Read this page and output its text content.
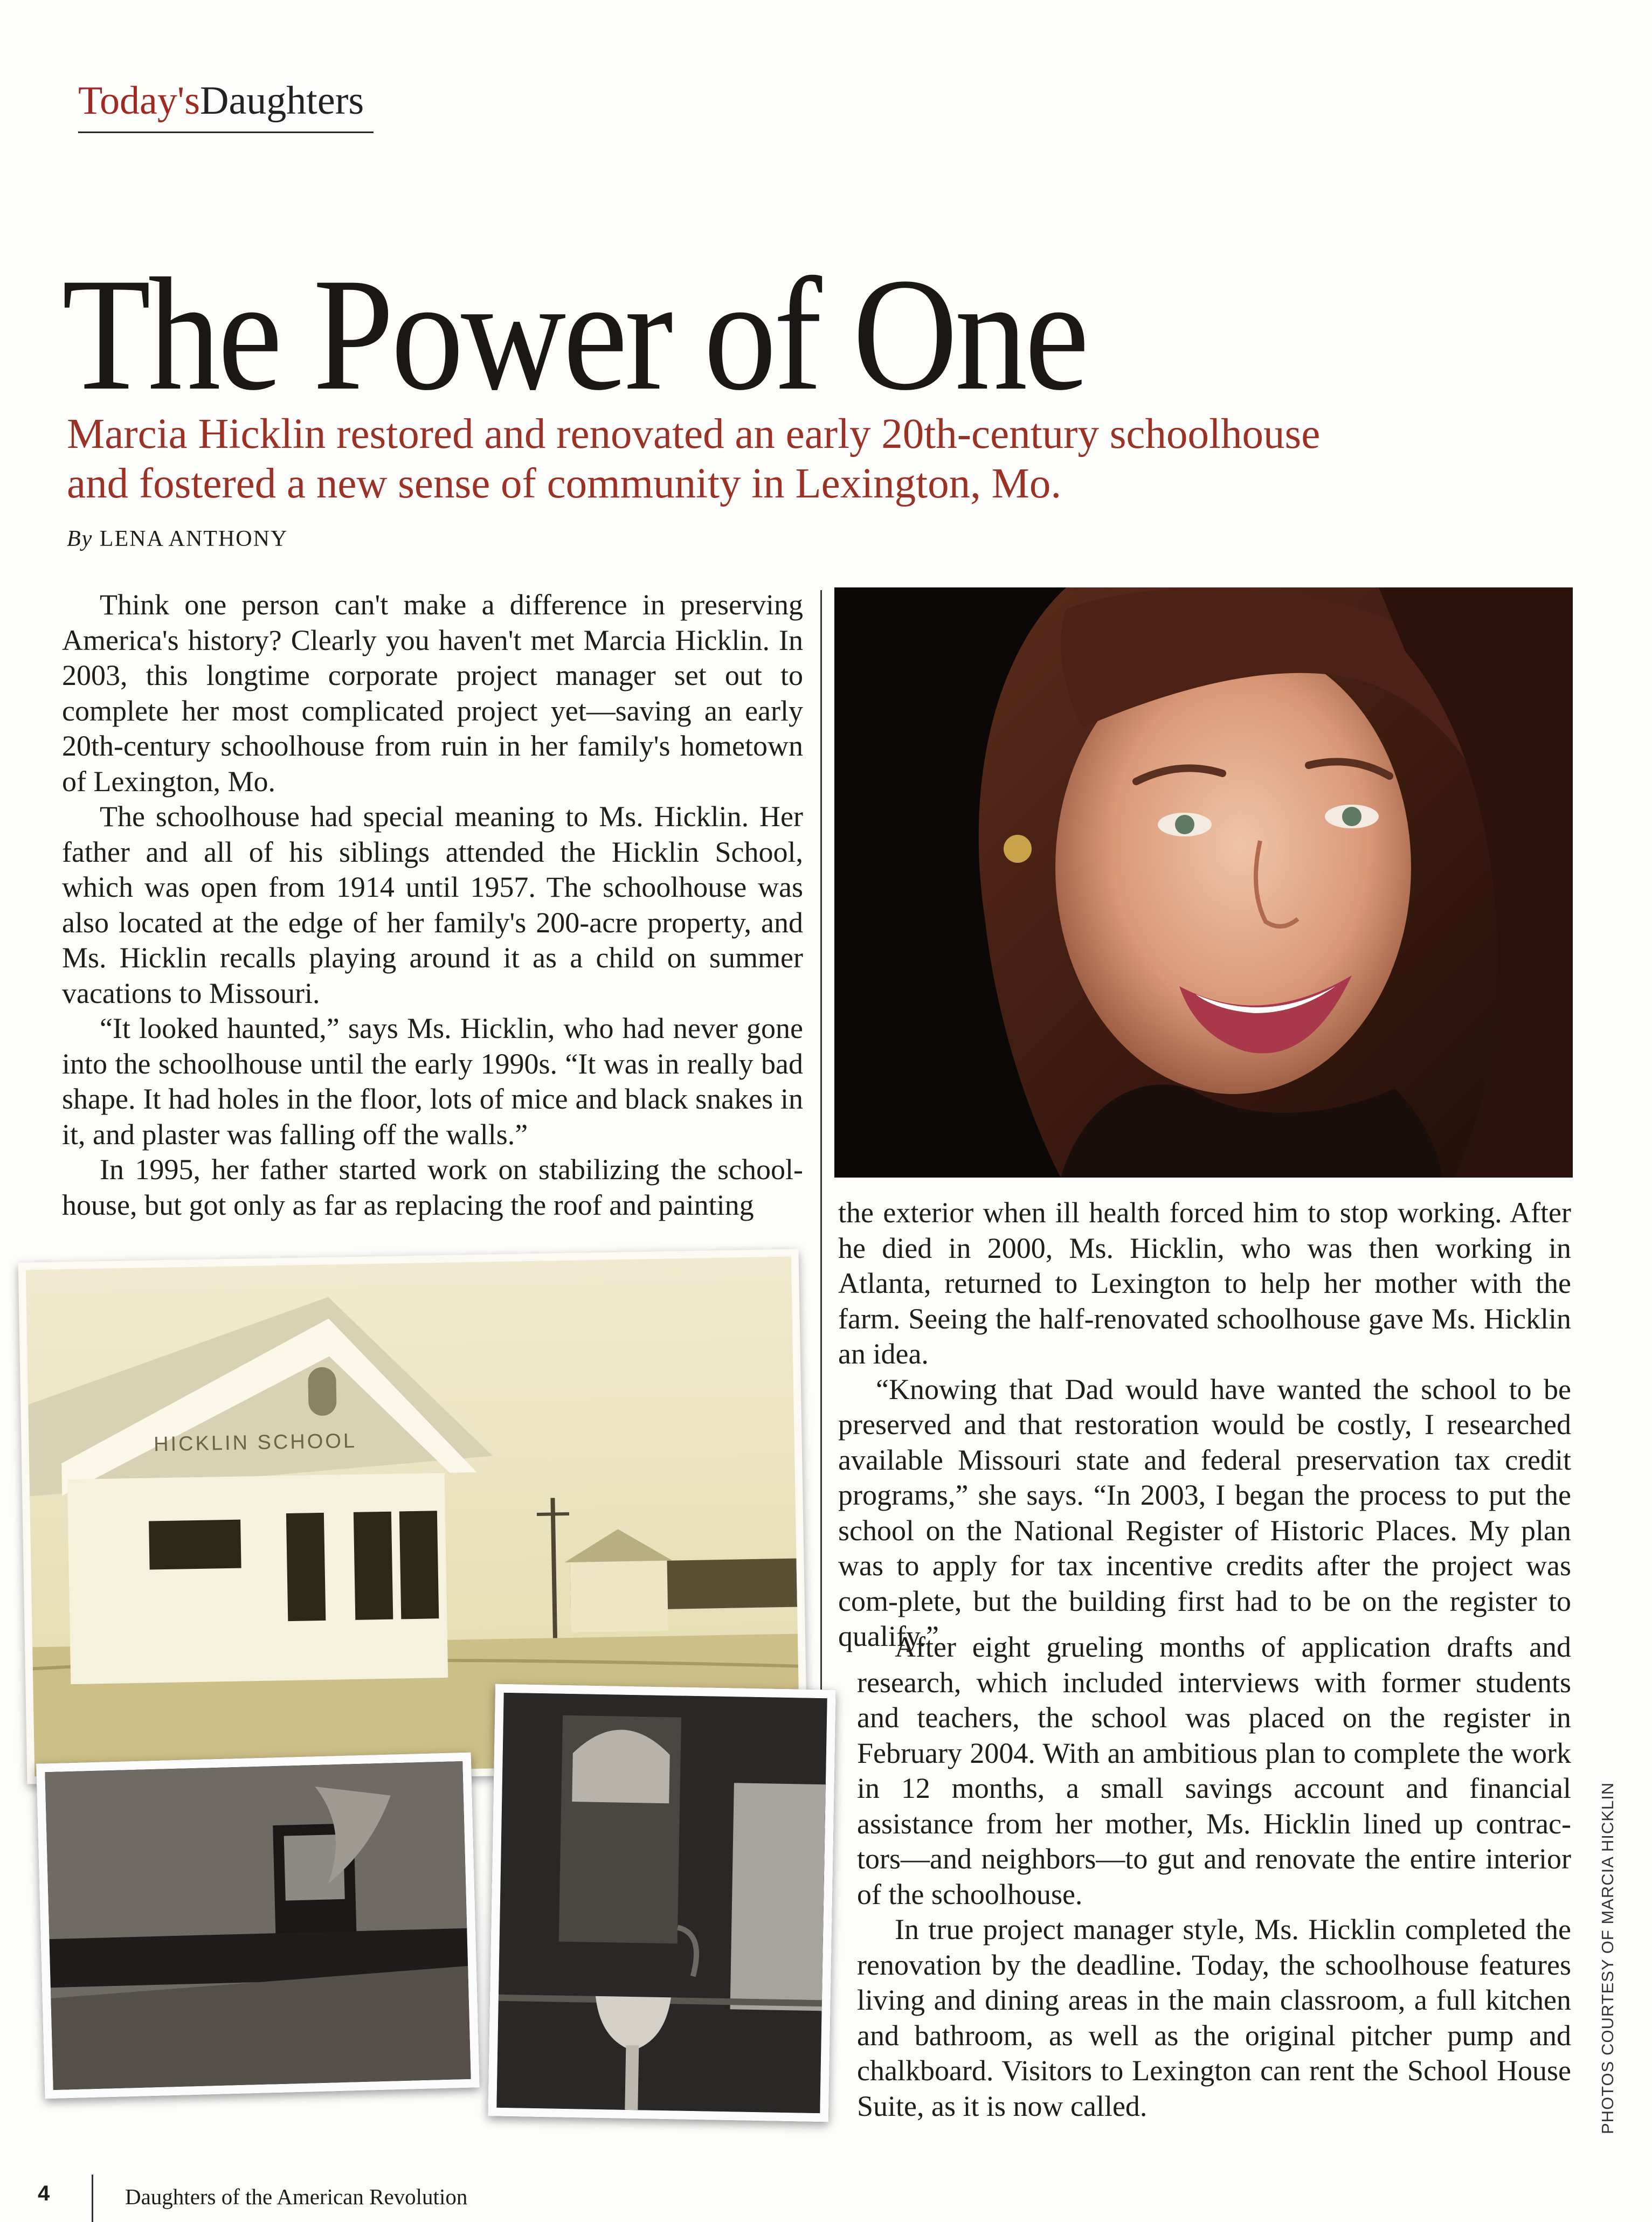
Today'sDaughters
The Power of One
Marcia Hicklin restored and renovated an early 20th-century schoolhouse and fostered a new sense of community in Lexington, Mo.
By LENA ANTHONY

Think one person can't make a difference in preserving America's history? Clearly you haven't met Marcia Hicklin. In 2003, this longtime corporate project manager set out to complete her most complicated project yet—saving an early 20th-century schoolhouse from ruin in her family's hometown of Lexington, Mo.

The schoolhouse had special meaning to Ms. Hicklin. Her father and all of his siblings attended the Hicklin School, which was open from 1914 until 1957. The schoolhouse was also located at the edge of her family's 200-acre property, and Ms. Hicklin recalls playing around it as a child on summer vacations to Missouri.

“It looked haunted,” says Ms. Hicklin, who had never gone into the schoolhouse until the early 1990s. “It was in really bad shape. It had holes in the floor, lots of mice and black snakes in it, and plaster was falling off the walls.”

In 1995, her father started work on stabilizing the school-house, but got only as far as replacing the roof and painting	the exterior when ill health forced him to stop working. After he died in 2000, Ms. Hicklin, who was then working in Atlanta, returned to Lexington to help her mother with the farm. Seeing the half-renovated schoolhouse gave Ms. Hicklin an idea.

“Knowing that Dad would have wanted the school to be preserved and that restoration would be costly, I researched available Missouri state and federal preservation tax credit programs,” she says. “In 2003, I began the process to put the school on the National Register of Historic Places. My plan was to apply for tax incentive credits after the project was com-plete, but the building first had to be on the register to qualify.”

After eight grueling months of application drafts and research, which included interviews with former students and teachers, the school was placed on the register in February 2004. With an ambitious plan to complete the work in 12 months, a small savings account and financial assistance from her mother, Ms. Hicklin lined up contrac-tors—and neighbors—to gut and renovate the entire interior of the schoolhouse.

In true project manager style, Ms. Hicklin completed the renovation by the deadline. Today, the schoolhouse features living and dining areas in the main classroom, a full kitchen and bathroom, as well as the original pitcher pump and chalkboard. Visitors to Lexington can rent the School House Suite, as it is now called.

HICKLIN SCHOOL
PHOTOS COURTESY OF MARCIA HICKLIN
4	Daughters of the American Revolution
